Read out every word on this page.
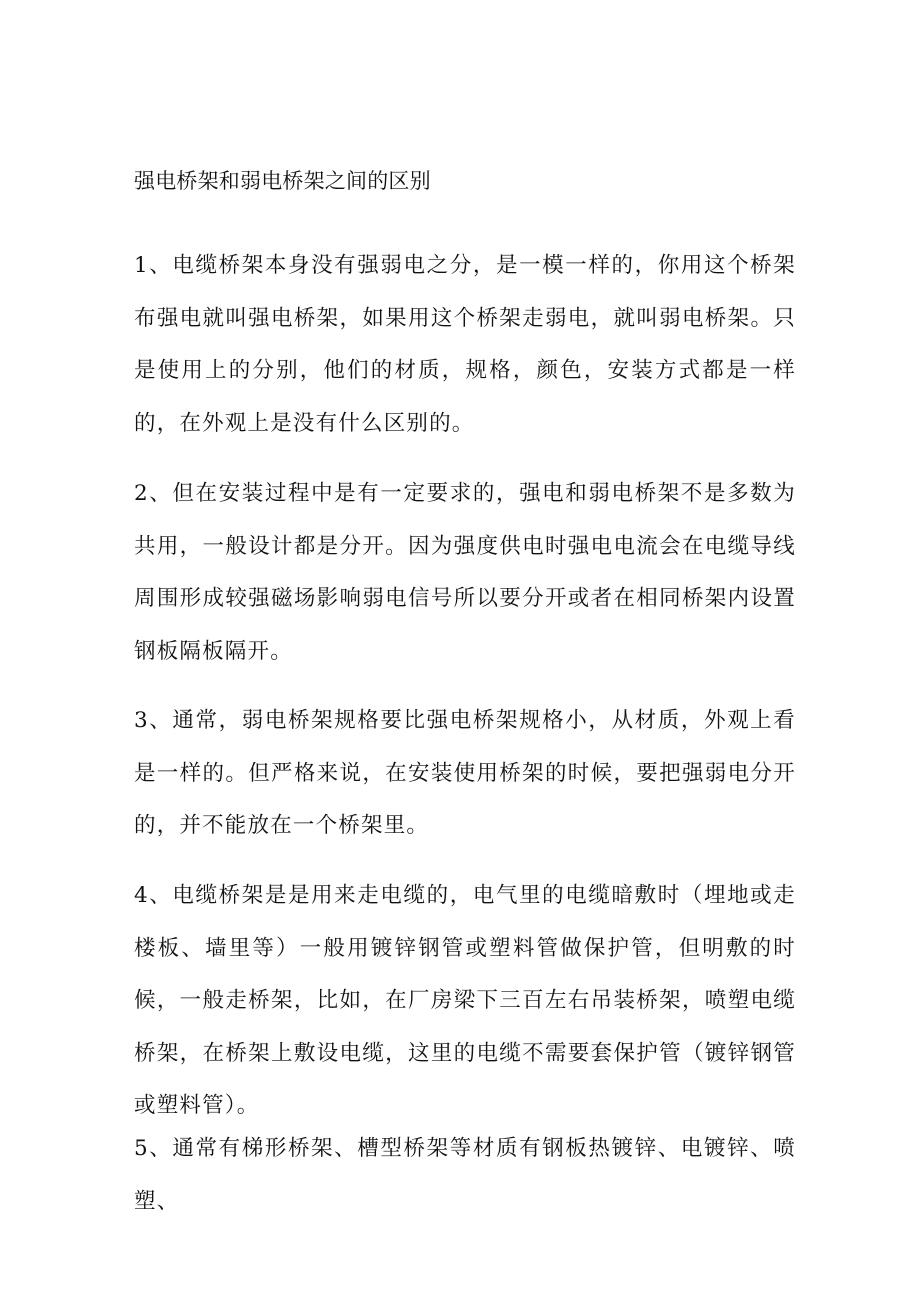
强电桥架和弱电桥架之间的区别

1、电缆桥架本身没有强弱电之分，是一模一样的，你用这个桥架布强电就叫强电桥架，如果用这个桥架走弱电，就叫弱电桥架。只是使用上的分别，他们的材质，规格，颜色，安装方式都是一样的，在外观上是没有什么区别的。

2、但在安装过程中是有一定要求的，强电和弱电桥架不是多数为共用，一般设计都是分开。因为强度供电时强电电流会在电缆导线周围形成较强磁场影响弱电信号所以要分开或者在相同桥架内设置钢板隔板隔开。

3、通常，弱电桥架规格要比强电桥架规格小，从材质，外观上看是一样的。但严格来说，在安装使用桥架的时候，要把强弱电分开的，并不能放在一个桥架里。

4、电缆桥架是是用来走电缆的，电气里的电缆暗敷时（埋地或走楼板、墙里等）一般用镀锌钢管或塑料管做保护管，但明敷的时候，一般走桥架，比如，在厂房梁下三百左右吊装桥架，喷塑电缆桥架，在桥架上敷设电缆，这里的电缆不需要套保护管（镀锌钢管或塑料管）。

5、通常有梯形桥架、槽型桥架等材质有钢板热镀锌、电镀锌、喷塑、
